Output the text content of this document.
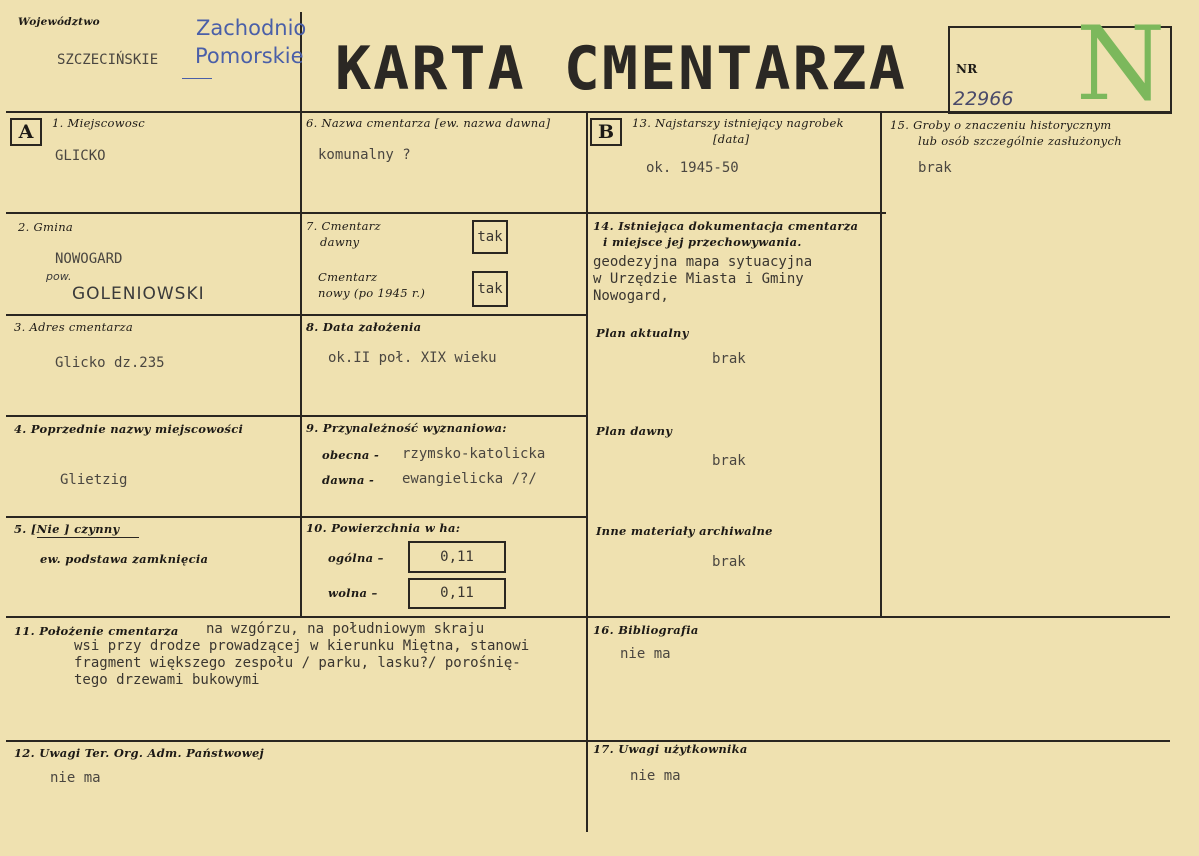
Województwo
SZCZECIŃSKIE
Zachodnio
Pomorskie KARTA CMENTARZA	NR
22966 N
A	B
1. Miejscowosc
GLICKO
2. Gmina
NOWOGARD
pow.
GOLENIOWSKI
3. Adres cmentarza
Glicko dz.235
4. Poprzednie nazwy miejscowości
Glietzig
5. [Nie ] czynny
ew. podstawa zamknięcia
6. Nazwa cmentarza [ew. nazwa dawna]
komunalny ?
7. Cmentarz
dawny	tak
Cmentarz
nowy (po 1945 r.)	tak
8. Data założenia
ok.II poł. XIX wieku
9. Przynależność wyznaniowa:
obecna - rzymsko-katolicka
dawna - ewangielicka /?/
10. Powierzchnia w ha:
ogólna –	0,11
wolna –	0,11
11. Położenie cmentarza na wzgórzu, na południowym skraju
wsi przy drodze prowadzącej w kierunku Miętna, stanowi
fragment większego zespołu / parku, lasku?/ porośnię-
tego drzewami bukowymi
12. Uwagi Ter. Org. Adm. Państwowej
nie ma
13. Najstarszy istniejący nagrobek
[data]
ok. 1945-50
14. Istniejąca dokumentacja cmentarza
i miejsce jej przechowywania.
geodezyjna mapa sytuacyjna
w Urzędzie Miasta i Gminy
Nowogard,
Plan aktualny
brak
Plan dawny
brak
Inne materiały archiwalne
brak
15. Groby o znaczeniu historycznym
lub osób szczególnie zasłużonych
brak
16. Bibliografia
nie ma
17. Uwagi użytkownika
nie ma
